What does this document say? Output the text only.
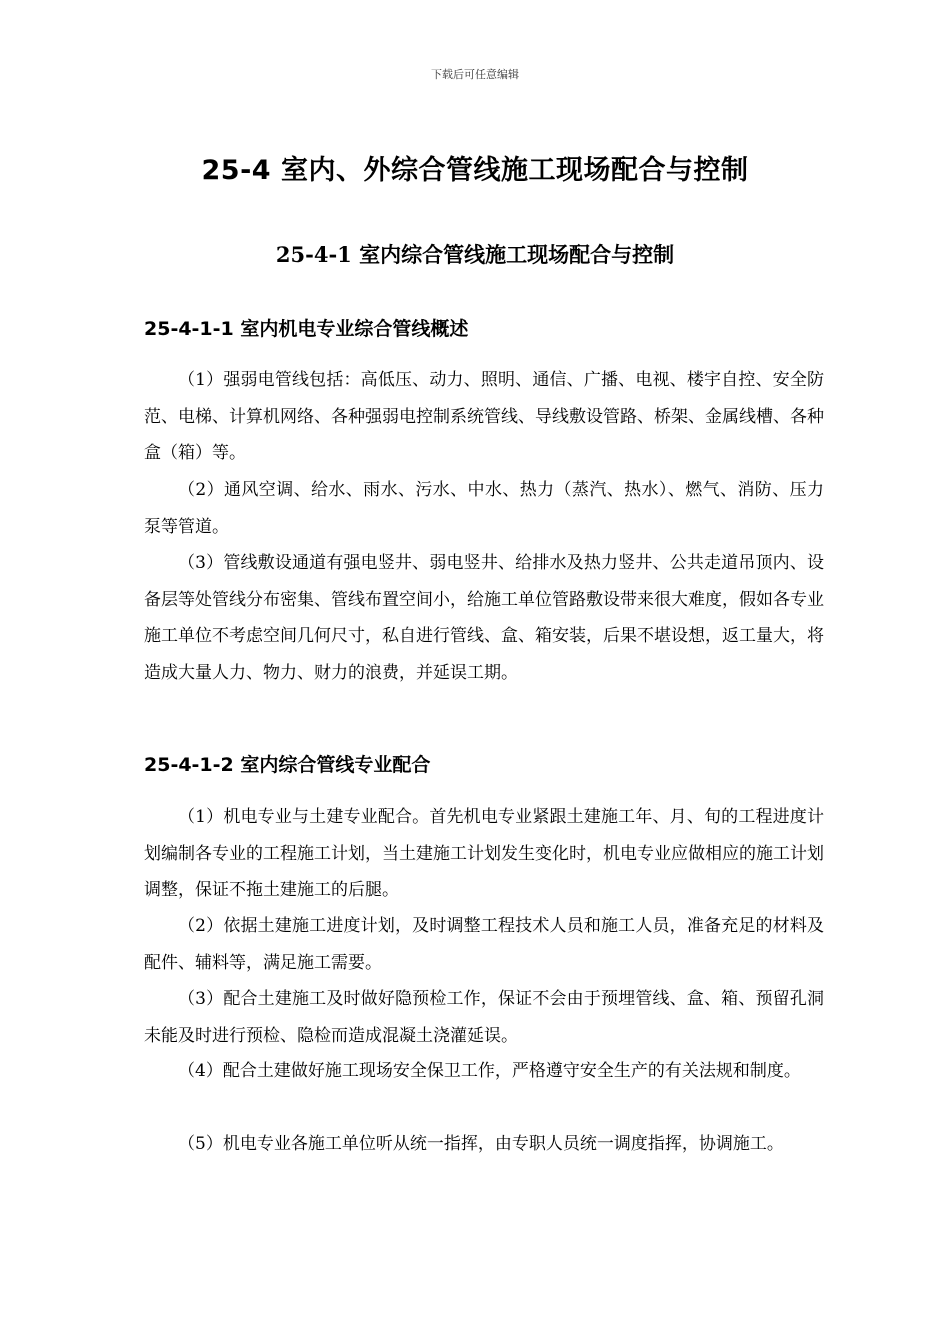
下载后可任意编辑
25-4 室内、外综合管线施工现场配合与控制
25-4-1 室内综合管线施工现场配合与控制
25-4-1-1 室内机电专业综合管线概述
（1）强弱电管线包括：高低压、动力、照明、通信、广播、电视、楼宇自控、安全防范、电梯、计算机网络、各种强弱电控制系统管线、导线敷设管路、桥架、金属线槽、各种盒（箱）等。
（2）通风空调、给水、雨水、污水、中水、热力（蒸汽、热水）、燃气、消防、压力泵等管道。
（3）管线敷设通道有强电竖井、弱电竖井、给排水及热力竖井、公共走道吊顶内、设备层等处管线分布密集、管线布置空间小，给施工单位管路敷设带来很大难度，假如各专业施工单位不考虑空间几何尺寸，私自进行管线、盒、箱安装，后果不堪设想，返工量大，将造成大量人力、物力、财力的浪费，并延误工期。
25-4-1-2 室内综合管线专业配合
（1）机电专业与土建专业配合。首先机电专业紧跟土建施工年、月、旬的工程进度计划编制各专业的工程施工计划，当土建施工计划发生变化时，机电专业应做相应的施工计划调整，保证不拖土建施工的后腿。
（2）依据土建施工进度计划，及时调整工程技术人员和施工人员，准备充足的材料及配件、辅料等，满足施工需要。
（3）配合土建施工及时做好隐预检工作，保证不会由于预埋管线、盒、箱、预留孔洞未能及时进行预检、隐检而造成混凝土浇灌延误。
（4）配合土建做好施工现场安全保卫工作，严格遵守安全生产的有关法规和制度。
（5）机电专业各施工单位听从统一指挥，由专职人员统一调度指挥，协调施工。
